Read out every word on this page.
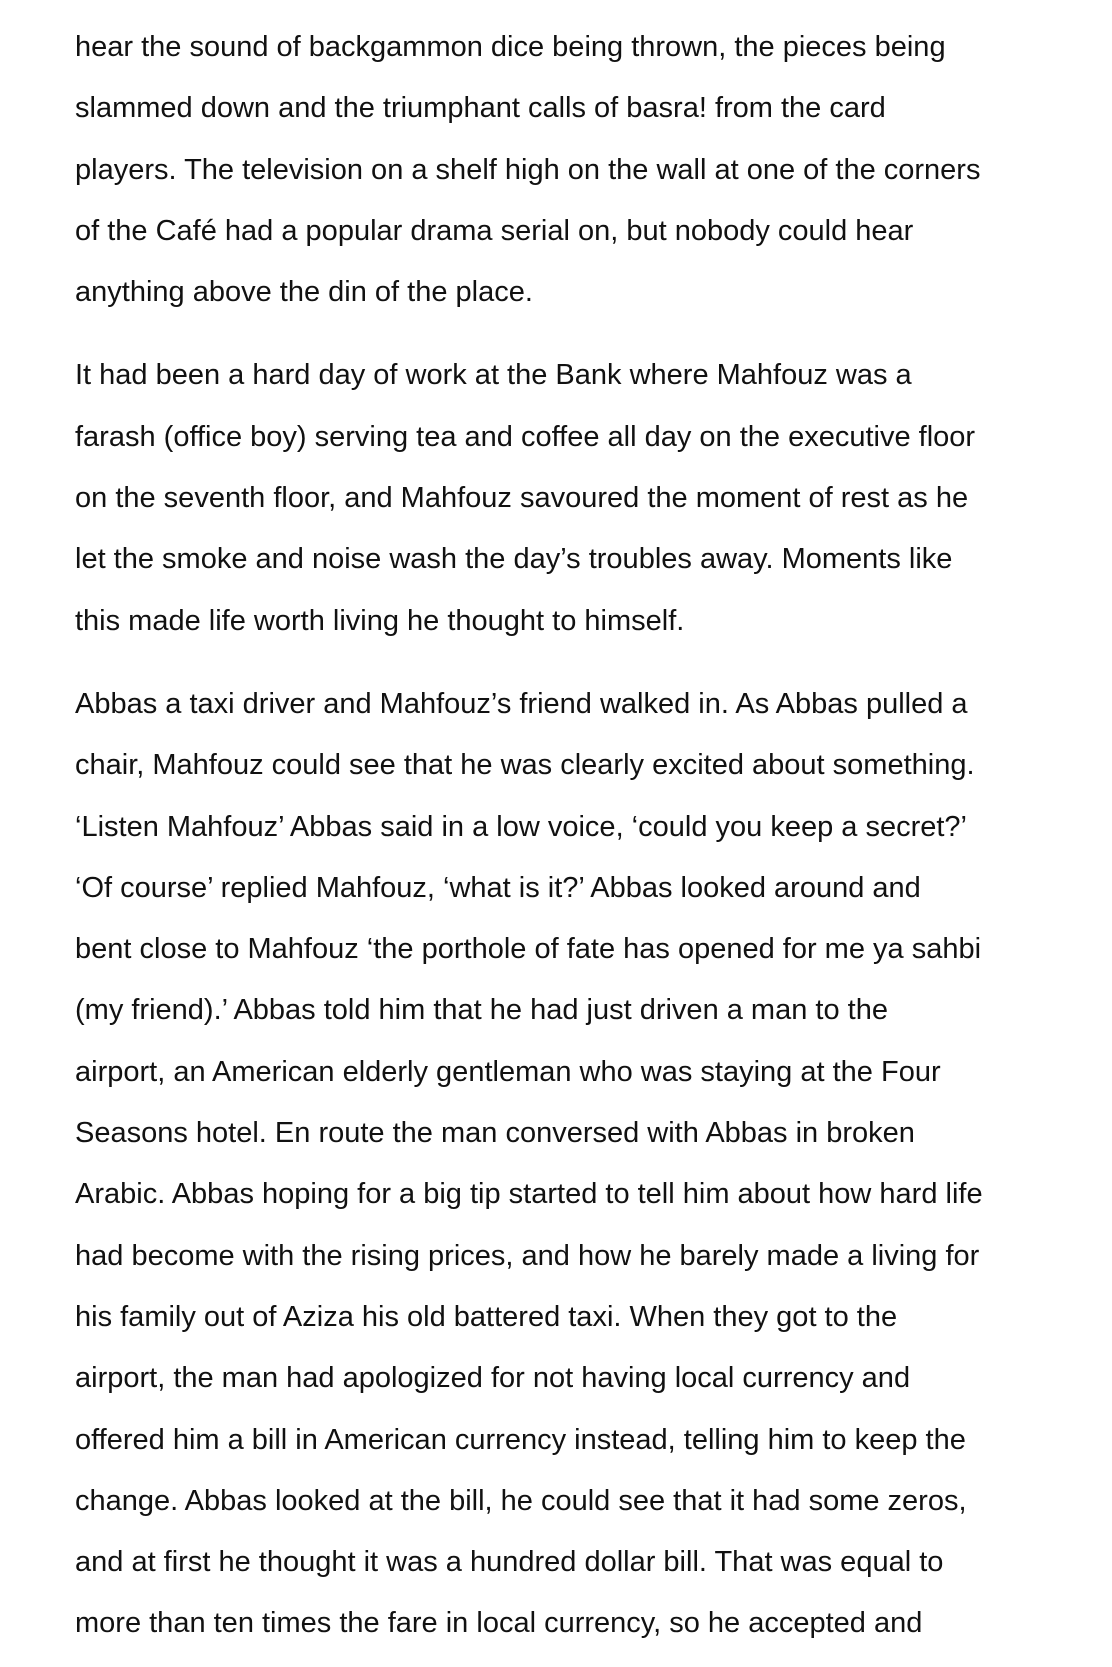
hear the sound of backgammon dice being thrown, the pieces being
slammed down and the triumphant calls of basra! from the card
players. The television on a shelf high on the wall at one of the corners
of the Café had a popular drama serial on, but nobody could hear
anything above the din of the place.
It had been a hard day of work at the Bank where Mahfouz was a
farash (office boy) serving tea and coffee all day on the executive floor
on the seventh floor, and Mahfouz savoured the moment of rest as he
let the smoke and noise wash the day’s troubles away. Moments like
this made life worth living he thought to himself.
Abbas a taxi driver and Mahfouz’s friend walked in. As Abbas pulled a
chair, Mahfouz could see that he was clearly excited about something.
‘Listen Mahfouz’ Abbas said in a low voice, ‘could you keep a secret?’
‘Of course’ replied Mahfouz, ‘what is it?’ Abbas looked around and
bent close to Mahfouz ‘the porthole of fate has opened for me ya sahbi
(my friend).’ Abbas told him that he had just driven a man to the
airport, an American elderly gentleman who was staying at the Four
Seasons hotel. En route the man conversed with Abbas in broken
Arabic. Abbas hoping for a big tip started to tell him about how hard life
had become with the rising prices, and how he barely made a living for
his family out of Aziza his old battered taxi. When they got to the
airport, the man had apologized for not having local currency and
offered him a bill in American currency instead, telling him to keep the
change. Abbas looked at the bill, he could see that it had some zeros,
and at first he thought it was a hundred dollar bill. That was equal to
more than ten times the fare in local currency, so he accepted and
